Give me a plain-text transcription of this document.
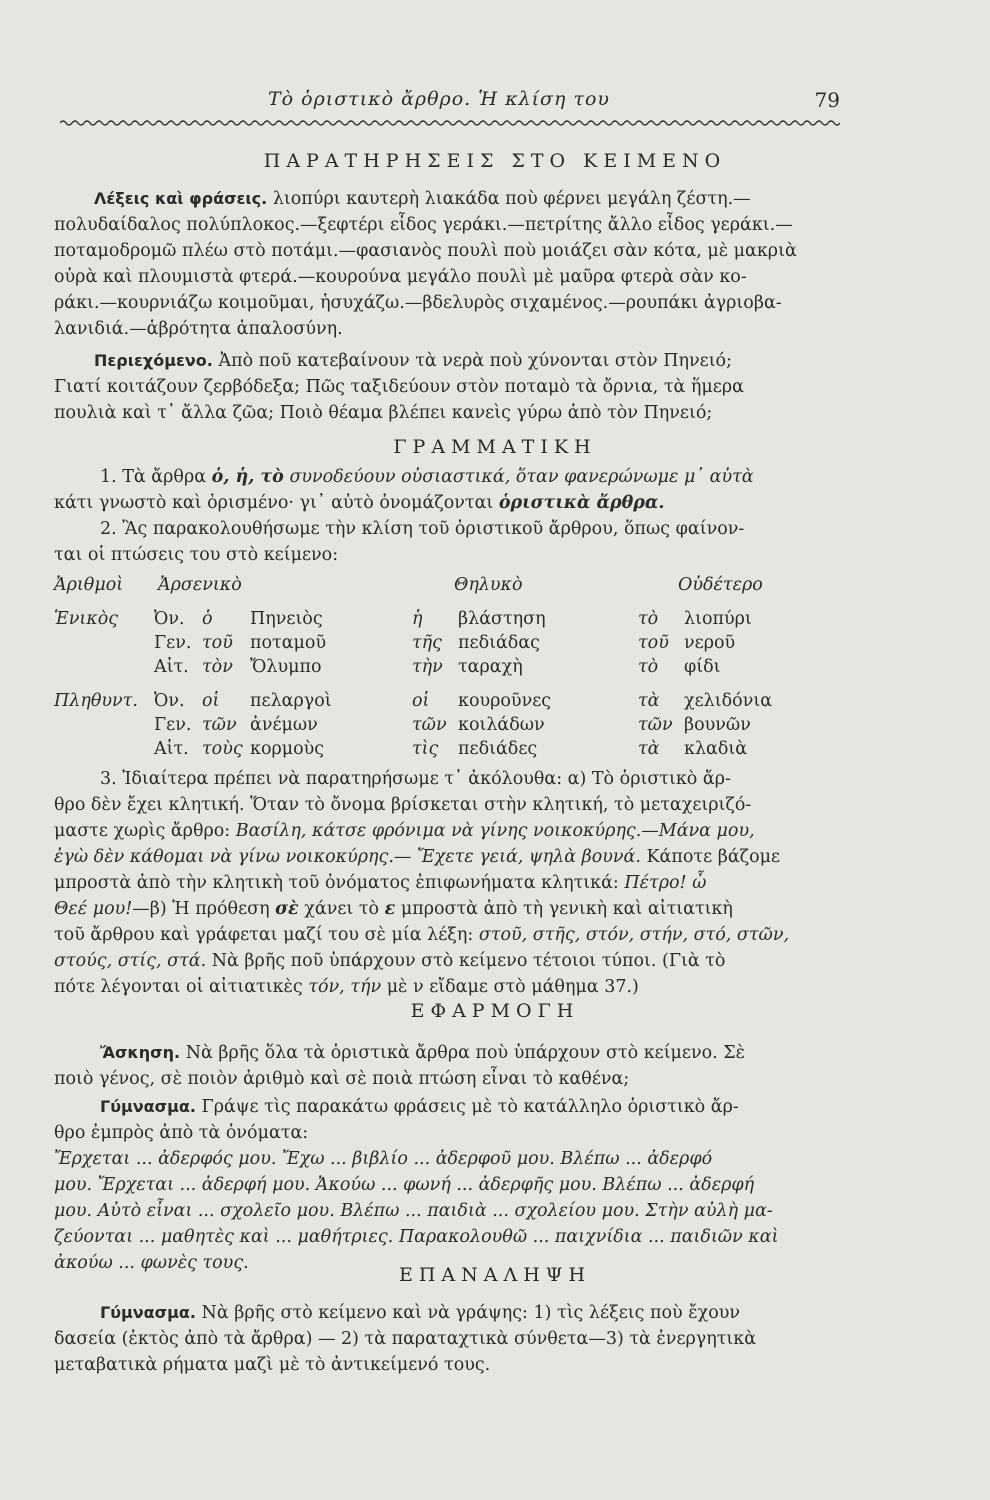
Τὸ ὁριστικὸ ἄρθρο. Ἡ κλίση του	79
ΠΑΡΑΤΗΡΗΣΕΙΣ ΣΤΟ ΚΕΙΜΕΝΟ
Λέξεις καὶ φράσεις. λιοπύρι καυτερὴ λιακάδα ποὺ φέρνει μεγάλη ζέστη.—
πολυδαίδαλος πολύπλοκος.—ξεφτέρι εἶδος γεράκι.—πετρίτης ἄλλο εἶδος γεράκι.—
ποταμοδρομῶ πλέω στὸ ποτάμι.—φασιανὸς πουλὶ ποὺ μοιάζει σὰν κότα, μὲ μακριὰ
οὐρὰ καὶ πλουμιστὰ φτερά.—κουρούνα μεγάλο πουλὶ μὲ μαῦρα φτερὰ σὰν κο-
ράκι.—κουρνιάζω κοιμοῦμαι, ἡσυχάζω.—βδελυρὸς σιχαμένος.—ρουπάκι ἀγριοβα-
λανιδιά.—ἁβρότητα ἁπαλοσύνη.
Περιεχόμενο. Ἀπὸ ποῦ κατεβαίνουν τὰ νερὰ ποὺ χύνονται στὸν Πηνειό;
Γιατί κοιτάζουν ζερβόδεξα; Πῶς ταξιδεύουν στὸν ποταμὸ τὰ ὄρνια, τὰ ἥμερα
πουλιὰ καὶ τ᾽ ἄλλα ζῶα; Ποιὸ θέαμα βλέπει κανεὶς γύρω ἀπὸ τὸν Πηνειό;
ΓΡΑΜΜΑΤΙΚΗ
1. Τὰ ἄρθρα ὁ, ἡ, τὸ συνοδεύουν οὐσιαστικά, ὅταν φανερώνωμε μ᾽ αὐτὰ
κάτι γνωστὸ καὶ ὁρισμένο· γι᾽ αὐτὸ ὀνομάζονται ὁριστικὰ ἄρθρα.
2. Ἂς παρακολουθήσωμε τὴν κλίση τοῦ ὁριστικοῦ ἄρθρου, ὅπως φαίνον-
ται οἱ πτώσεις του στὸ κείμενο:
Ἀριθμοὶ	Ἀρσενικὸ			Θηλυκὸ		Οὐδέτερο	

Ἑνικὸς	Ὀν.	ὁ	Πηνειὸς	ἡ	βλάστηση	τὸ	λιοπύρι
	Γεν.	τοῦ	ποταμοῦ	τῆς	πεδιάδας	τοῦ	νεροῦ
	Αἰτ.	τὸν	Ὄλυμπο	τὴν	ταραχὴ	τὸ	φίδι

Πληθυντ.	Ὀν.	οἱ	πελαργοὶ	οἱ	κουροῦνες	τὰ	χελιδόνια
	Γεν.	τῶν	ἀνέμων	τῶν	κοιλάδων	τῶν	βουνῶν
	Αἰτ.	τοὺς	κορμοὺς	τὶς	πεδιάδες	τὰ	κλαδιὰ
3. Ἰδιαίτερα πρέπει νὰ παρατηρήσωμε τ᾽ ἀκόλουθα: α) Τὸ ὁριστικὸ ἄρ-
θρο δὲν ἔχει κλητική. Ὅταν τὸ ὄνομα βρίσκεται στὴν κλητική, τὸ μεταχειριζό-
μαστε χωρὶς ἄρθρο: Βασίλη, κάτσε φρόνιμα νὰ γίνης νοικοκύρης.—Μάνα μου,
ἐγὼ δὲν κάθομαι νὰ γίνω νοικοκύρης.— Ἔχετε γειά, ψηλὰ βουνά. Κάποτε βάζομε
μπροστὰ ἀπὸ τὴν κλητικὴ τοῦ ὀνόματος ἐπιφωνήματα κλητικά: Πέτρο! ὦ
Θεέ μου!—β) Ἡ πρόθεση σὲ χάνει τὸ ε μπροστὰ ἀπὸ τὴ γενικὴ καὶ αἰτιατικὴ
τοῦ ἄρθρου καὶ γράφεται μαζί του σὲ μία λέξη: στοῦ, στῆς, στόν, στήν, στό, στῶν,
στούς, στίς, στά. Νὰ βρῆς ποῦ ὑπάρχουν στὸ κείμενο τέτοιοι τύποι. (Γιὰ τὸ
πότε λέγονται οἱ αἰτιατικὲς τόν, τήν μὲ ν εἴδαμε στὸ μάθημα 37.)
ΕΦΑΡΜΟΓΗ
Ἄσκηση. Νὰ βρῆς ὅλα τὰ ὁριστικὰ ἄρθρα ποὺ ὑπάρχουν στὸ κείμενο. Σὲ
ποιὸ γένος, σὲ ποιὸν ἀριθμὸ καὶ σὲ ποιὰ πτώση εἶναι τὸ καθένα;
Γύμνασμα. Γράψε τὶς παρακάτω φράσεις μὲ τὸ κατάλληλο ὁριστικὸ ἄρ-
θρο ἐμπρὸς ἀπὸ τὰ ὀνόματα:
Ἔρχεται ... ἀδερφός μου. Ἔχω ... βιβλίο ... ἀδερφοῦ μου. Βλέπω ... ἀδερφό
μου. Ἔρχεται ... ἀδερφή μου. Ἀκούω ... φωνή ... ἀδερφῆς μου. Βλέπω ... ἀδερφή
μου. Αὐτὸ εἶναι ... σχολεῖο μου. Βλέπω ... παιδιὰ ... σχολείου μου. Στὴν αὐλὴ μα-
ζεύονται ... μαθητὲς καὶ ... μαθήτριες. Παρακολουθῶ ... παιχνίδια ... παιδιῶν καὶ
ἀκούω ... φωνὲς τους.
ΕΠΑΝΑΛΗΨΗ
Γύμνασμα. Νὰ βρῆς στὸ κείμενο καὶ νὰ γράψης: 1) τὶς λέξεις ποὺ ἔχουν
δασεία (ἐκτὸς ἀπὸ τὰ ἄρθρα) — 2) τὰ παραταχτικὰ σύνθετα—3) τὰ ἐνεργητικὰ
μεταβατικὰ ρήματα μαζὶ μὲ τὸ ἀντικείμενό τους.
